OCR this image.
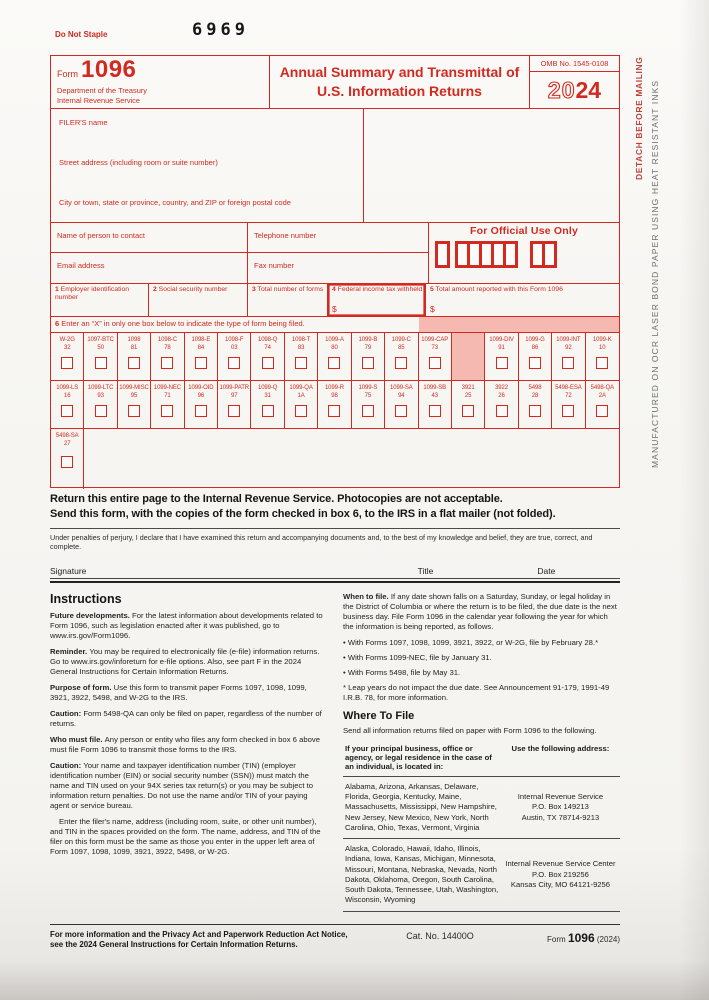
Do Not Staple	6969
DETACH BEFORE MAILING MANUFACTURED ON OCR LASER BOND PAPER USING HEAT RESISTANT INKS
Form 1096
Department of the Treasury
Internal Revenue Service
Annual Summary and Transmittal of
U.S. Information Returns
OMB No. 1545-0108
20 24
FILER'S name
Street address (including room or suite number)
City or town, state or province, country, and ZIP or foreign postal code
Name of person to contact	Telephone number
Email address	Fax number
For Official Use Only
1 Employer identification number
2 Social security number	3 Total number of forms	4 Federal income tax withheld
$
5 Total amount reported with this Form 1096
$
6 Enter an “X” in only one box below to indicate the type of form being filed.
W-2G
32
1097-BTC
50
1098
81
1098-C
78
1098-E
84
1098-F
03
1098-Q
74
1098-T
83
1099-A
80
1099-B
79
1099-C
85
1099-CAP
73
1099-DIV
91
1099-G
86
1099-INT
92
1099-K
10
1099-LS
16
1099-LTC
93
1099-MISC
95
1099-NEC
71
1099-OID
96
1099-PATR
97
1099-Q
31
1099-QA
1A
1099-R
98
1099-S
75
1099-SA
94
1099-SB
43
3921
25
3922
26
5498
28
5498-ESA
72
5498-QA
2A
5498-SA
27
Return this entire page to the Internal Revenue Service. Photocopies are not acceptable.
Send this form, with the copies of the form checked in box 6, to the IRS in a flat mailer (not folded).
Under penalties of perjury, I declare that I have examined this return and accompanying documents and, to the best of my knowledge and belief, they are true, correct, and complete.
Signature	Title	Date
Instructions

Future developments. For the latest information about developments related to Form 1096, such as legislation enacted after it was published, go to www.irs.gov/Form1096.

Reminder. You may be required to electronically file (e-file) information returns. Go to www.irs.gov/inforeturn for e-file options. Also, see part F in the 2024 General Instructions for Certain Information Returns.

Purpose of form. Use this form to transmit paper Forms 1097, 1098, 1099, 3921, 3922, 5498, and W-2G to the IRS.

Caution: Form 5498-QA can only be filed on paper, regardless of the number of returns.

Who must file. Any person or entity who files any form checked in box 6 above must file Form 1096 to transmit those forms to the IRS.

Caution: Your name and taxpayer identification number (TIN) (employer identification number (EIN) or social security number (SSN)) must match the name and TIN used on your 94X series tax return(s) or you may be subject to information return penalties. Do not use the name and/or TIN of your paying agent or service bureau.

Enter the filer's name, address (including room, suite, or other unit number), and TIN in the spaces provided on the form. The name, address, and TIN of the filer on this form must be the same as those you enter in the upper left area of Form 1097, 1098, 1099, 3921, 3922, 5498, or W-2G.

When to file. If any date shown falls on a Saturday, Sunday, or legal holiday in the District of Columbia or where the return is to be filed, the due date is the next business day. File Form 1096 in the calendar year following the year for which the information is being reported, as follows.

• With Forms 1097, 1098, 1099, 3921, 3922, or W-2G, file by February 28.*

• With Forms 1099-NEC, file by January 31.

• With Forms 5498, file by May 31.

* Leap years do not impact the due date. See Announcement 91-179, 1991-49 I.R.B. 78, for more information.

Where To File

Send all information returns filed on paper with Form 1096 to the following.

If your principal business, office or agency, or legal residence in the case of an individual, is located in:	Use the following address:
Alabama, Arizona, Arkansas, Delaware, Florida, Georgia, Kentucky, Maine, Massachusetts, Mississippi, New Hampshire, New Jersey, New Mexico, New York, North Carolina, Ohio, Texas, Vermont, Virginia	Internal Revenue Service
P.O. Box 149213
Austin, TX 78714-9213
Alaska, Colorado, Hawaii, Idaho, Illinois, Indiana, Iowa, Kansas, Michigan, Minnesota, Missouri, Montana, Nebraska, Nevada, North Dakota, Oklahoma, Oregon, South Carolina, South Dakota, Tennessee, Utah, Washington, Wisconsin, Wyoming	Internal Revenue Service Center
P.O. Box 219256
Kansas City, MO 64121-9256
For more information and the Privacy Act and Paperwork Reduction Act Notice, see the 2024 General Instructions for Certain Information Returns.
Cat. No. 14400O	Form 1096 (2024)
